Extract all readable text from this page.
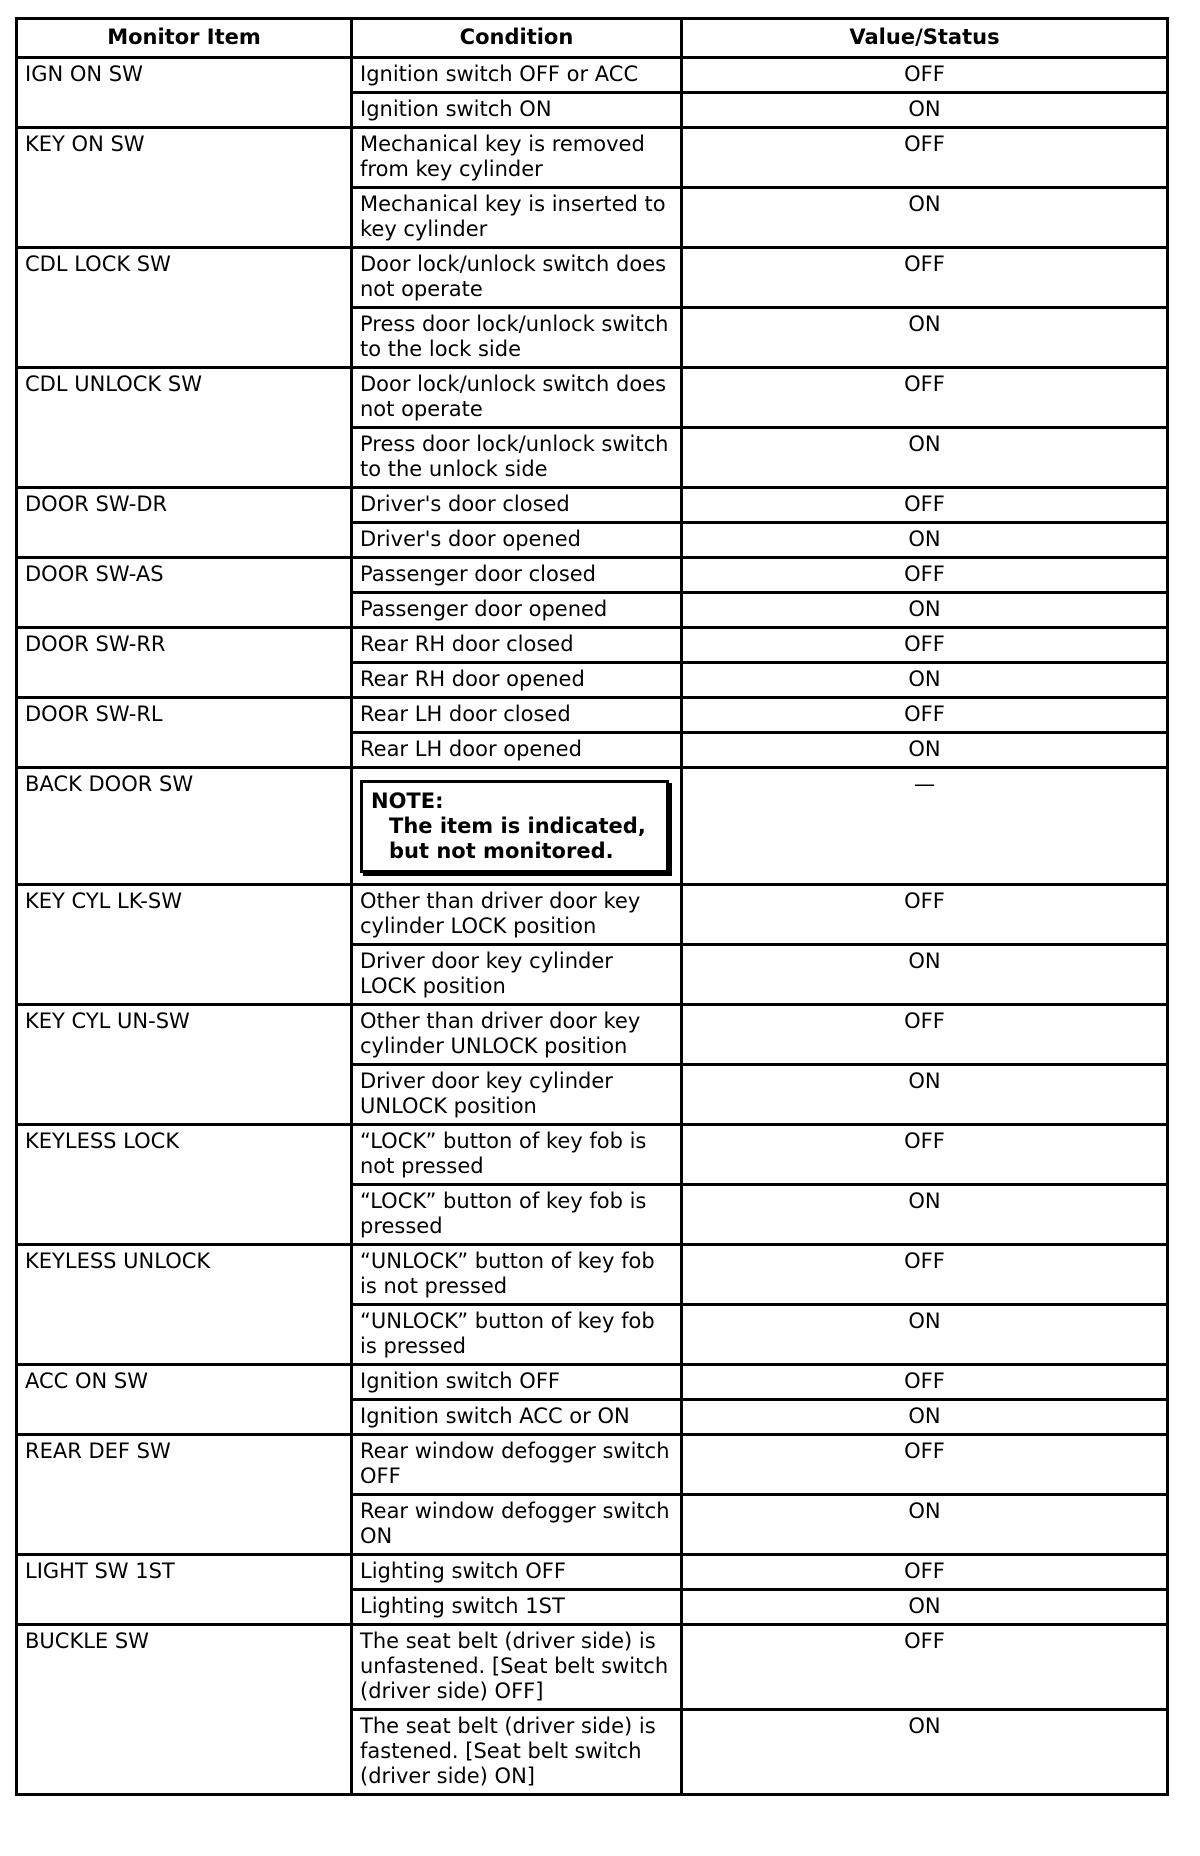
Monitor Item	Condition	Value/Status
IGN ON SW	Ignition switch OFF or ACC	OFF
	Ignition switch ON	ON
KEY ON SW	Mechanical key is removed from key cylinder	OFF
	Mechanical key is inserted to key cylinder	ON
CDL LOCK SW	Door lock/unlock switch does not operate	OFF
	Press door lock/unlock switch to the lock side	ON
CDL UNLOCK SW	Door lock/unlock switch does not operate	OFF
	Press door lock/unlock switch to the unlock side	ON
DOOR SW-DR	Driver's door closed	OFF
	Driver's door opened	ON
DOOR SW-AS	Passenger door closed	OFF
	Passenger door opened	ON
DOOR SW-RR	Rear RH door closed	OFF
	Rear RH door opened	ON
DOOR SW-RL	Rear LH door closed	OFF
	Rear LH door opened	ON
BACK DOOR SW	NOTE:
The item is indicated,
but not monitored.	—
KEY CYL LK-SW	Other than driver door key cylinder LOCK position	OFF
	Driver door key cylinder LOCK position	ON
KEY CYL UN-SW	Other than driver door key cylinder UNLOCK position	OFF
	Driver door key cylinder UNLOCK position	ON
KEYLESS LOCK	“LOCK” button of key fob is not pressed	OFF
	“LOCK” button of key fob is pressed	ON
KEYLESS UNLOCK	“UNLOCK” button of key fob is not pressed	OFF
	“UNLOCK” button of key fob is pressed	ON
ACC ON SW	Ignition switch OFF	OFF
	Ignition switch ACC or ON	ON
REAR DEF SW	Rear window defogger switch OFF	OFF
	Rear window defogger switch ON	ON
LIGHT SW 1ST	Lighting switch OFF	OFF
	Lighting switch 1ST	ON
BUCKLE SW	The seat belt (driver side) is unfastened. [Seat belt switch (driver side) OFF]	OFF
	The seat belt (driver side) is fastened. [Seat belt switch (driver side) ON]	ON
